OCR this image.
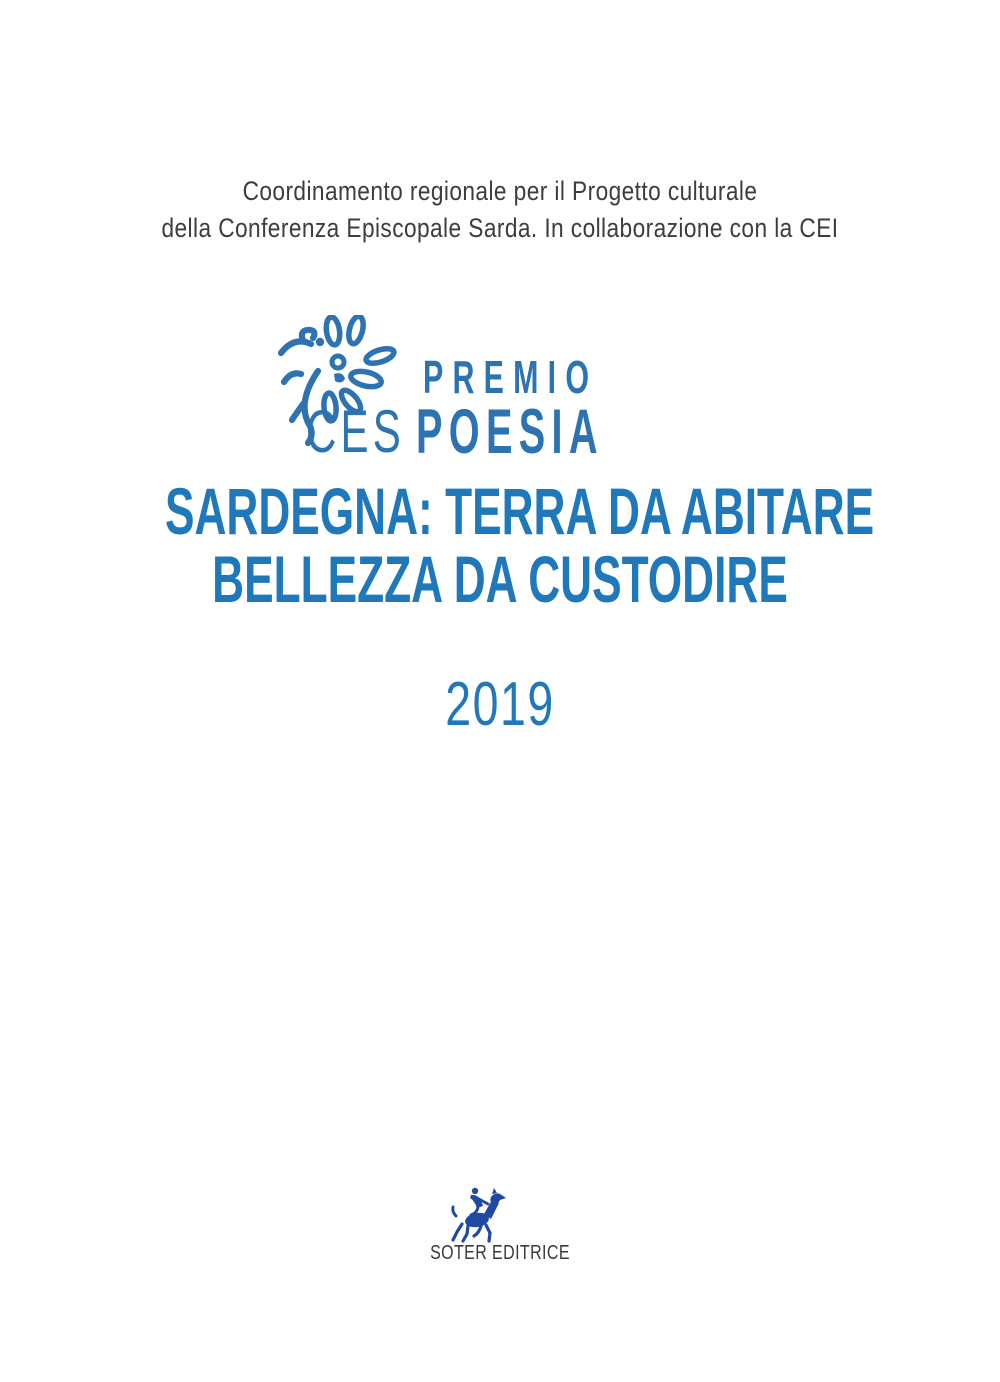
Coordinamento regionale per il Progetto culturale
della Conferenza Episcopale Sarda. In collaborazione con la CEI
CES
PREMIO
POESIA
SARDEGNA: TERRA DA ABITARE
BELLEZZA DA CUSTODIRE
2019
SOTER EDITRICE
